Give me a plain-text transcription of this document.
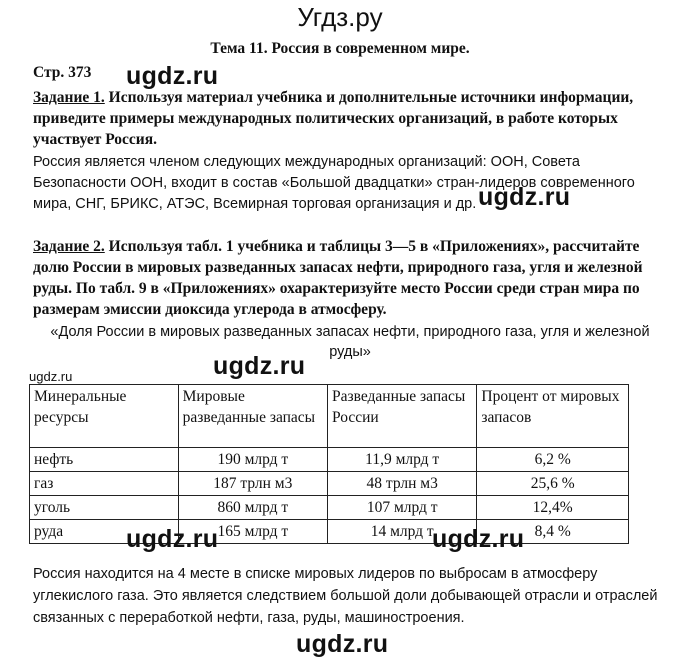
Угдз.ру
Тема 11. Россия в современном мире.
Стр. 373 ugdz.ru
Задание 1. Используя материал учебника и дополнительные источники информации, приведите примеры международных политических организаций, в работе которых участвует Россия.
Россия является членом следующих международных организаций: ООН, Совета Безопасности ООН, входит в состав «Большой двадцатки» стран-лидеров современного мира, СНГ, БРИКС, АТЭС, Всемирная торговая организация и др. ugdz.ru
Задание 2. Используя табл. 1 учебника и таблицы 3—5 в «Приложениях», рассчитайте долю России в мировых разведанных запасах нефти, природного газа, угля и железной руды. По табл. 9 в «Приложениях» охарактеризуйте место России среди стран мира по размерам эмиссии диоксида углерода в атмосферу.
«Доля России в мировых разведанных запасах нефти, природного газа, угля и железной руды»
ugdz.ru
ugdz.ru
Минеральные ресурсы	Мировые разведанные запасы	Разведанные запасы России	Процент от мировых запасов
нефть	190 млрд т	11,9 млрд т	6,2 %
газ	187 трлн м3	48 трлн м3	25,6 %
уголь	860 млрд т	107 млрд т	12,4%
руда	165 млрд т	14 млрд т	8,4 %
ugdz.ru	ugdz.ru
Россия находится на 4 месте в списке мировых лидеров по выбросам в атмосферу углекислого газа. Это является следствием большой доли добывающей отрасли и отраслей связанных с переработкой нефти, газа, руды, машиностроения.
ugdz.ru
